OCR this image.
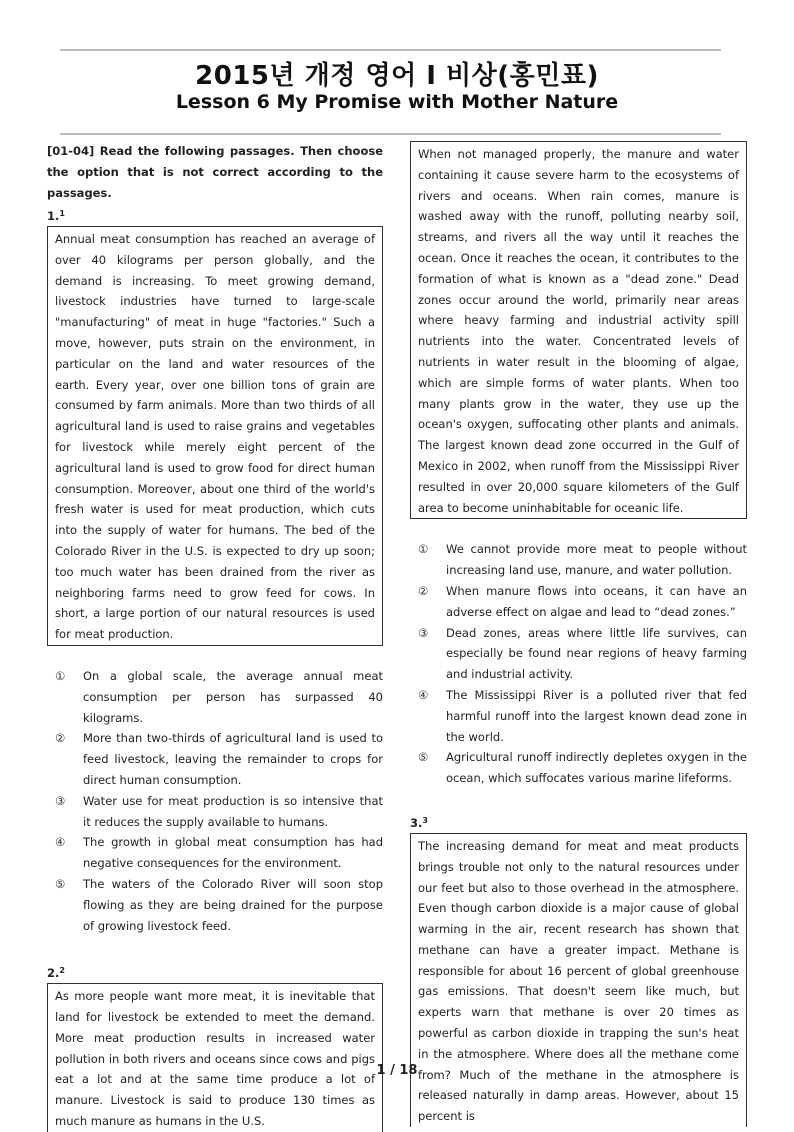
2015년 개정 영어 I 비상(홍민표)
Lesson 6 My Promise with Mother Nature

[01-04] Read the following passages. Then choose the option that is not correct according to the passages.

1.$^1$
Annual meat consumption has reached an average of over 40 kilograms per person globally, and the demand is increasing. To meet growing demand, livestock industries have turned to large-scale "manufacturing" of meat in huge "factories." Such a move, however, puts strain on the environment, in particular on the land and water resources of the earth. Every year, over one billion tons of grain are consumed by farm animals. More than two thirds of all agricultural land is used to raise grains and vegetables for livestock while merely eight percent of the agricultural land is used to grow food for direct human consumption. Moreover, about one third of the world's fresh water is used for meat production, which cuts into the supply of water for humans. The bed of the Colorado River in the U.S. is expected to dry up soon; too much water has been drained from the river as neighboring farms need to grow feed for cows. In short, a large portion of our natural resources is used for meat production.
①	On a global scale, the average annual meat consumption per person has surpassed 40 kilograms.
②	More than two-thirds of agricultural land is used to feed livestock, leaving the remainder to crops for direct human consumption.
③	Water use for meat production is so intensive that it reduces the supply available to humans.
④	The growth in global meat consumption has had negative consequences for the environment.
⑤	The waters of the Colorado River will soon stop flowing as they are being drained for the purpose of growing livestock feed.
2.$^2$
As more people want more meat, it is inevitable that land for livestock be extended to meet the demand. More meat production results in increased water pollution in both rivers and oceans since cows and pigs eat a lot and at the same time produce a lot of manure. Livestock is said to produce 130 times as much manure as humans in the U.S.
When not managed properly, the manure and water containing it cause severe harm to the ecosystems of rivers and oceans. When rain comes, manure is washed away with the runoff, polluting nearby soil, streams, and rivers all the way until it reaches the ocean. Once it reaches the ocean, it contributes to the formation of what is known as a "dead zone." Dead zones occur around the world, primarily near areas where heavy farming and industrial activity spill nutrients into the water. Concentrated levels of nutrients in water result in the blooming of algae, which are simple forms of water plants. When too many plants grow in the water, they use up the ocean's oxygen, suffocating other plants and animals. The largest known dead zone occurred in the Gulf of Mexico in 2002, when runoff from the Mississippi River resulted in over 20,000 square kilometers of the Gulf area to become uninhabitable for oceanic life.
①	We cannot provide more meat to people without increasing land use, manure, and water pollution.
②	When manure flows into oceans, it can have an adverse effect on algae and lead to “dead zones.”
③	Dead zones, areas where little life survives, can especially be found near regions of heavy farming and industrial activity.
④	The Mississippi River is a polluted river that fed harmful runoff into the largest known dead zone in the world.
⑤	Agricultural runoff indirectly depletes oxygen in the ocean, which suffocates various marine lifeforms.
3.$^3$
The increasing demand for meat and meat products brings trouble not only to the natural resources under our feet but also to those overhead in the atmosphere. Even though carbon dioxide is a major cause of global warming in the air, recent research has shown that methane can have a greater impact. Methane is responsible for about 16 percent of global greenhouse gas emissions. That doesn't seem like much, but experts warn that methane is over 20 times as powerful as carbon dioxide in trapping the sun's heat in the atmosphere. Where does all the methane come from? Much of the methane in the atmosphere is released naturally in damp areas. However, about 15 percent is
1 / 18
